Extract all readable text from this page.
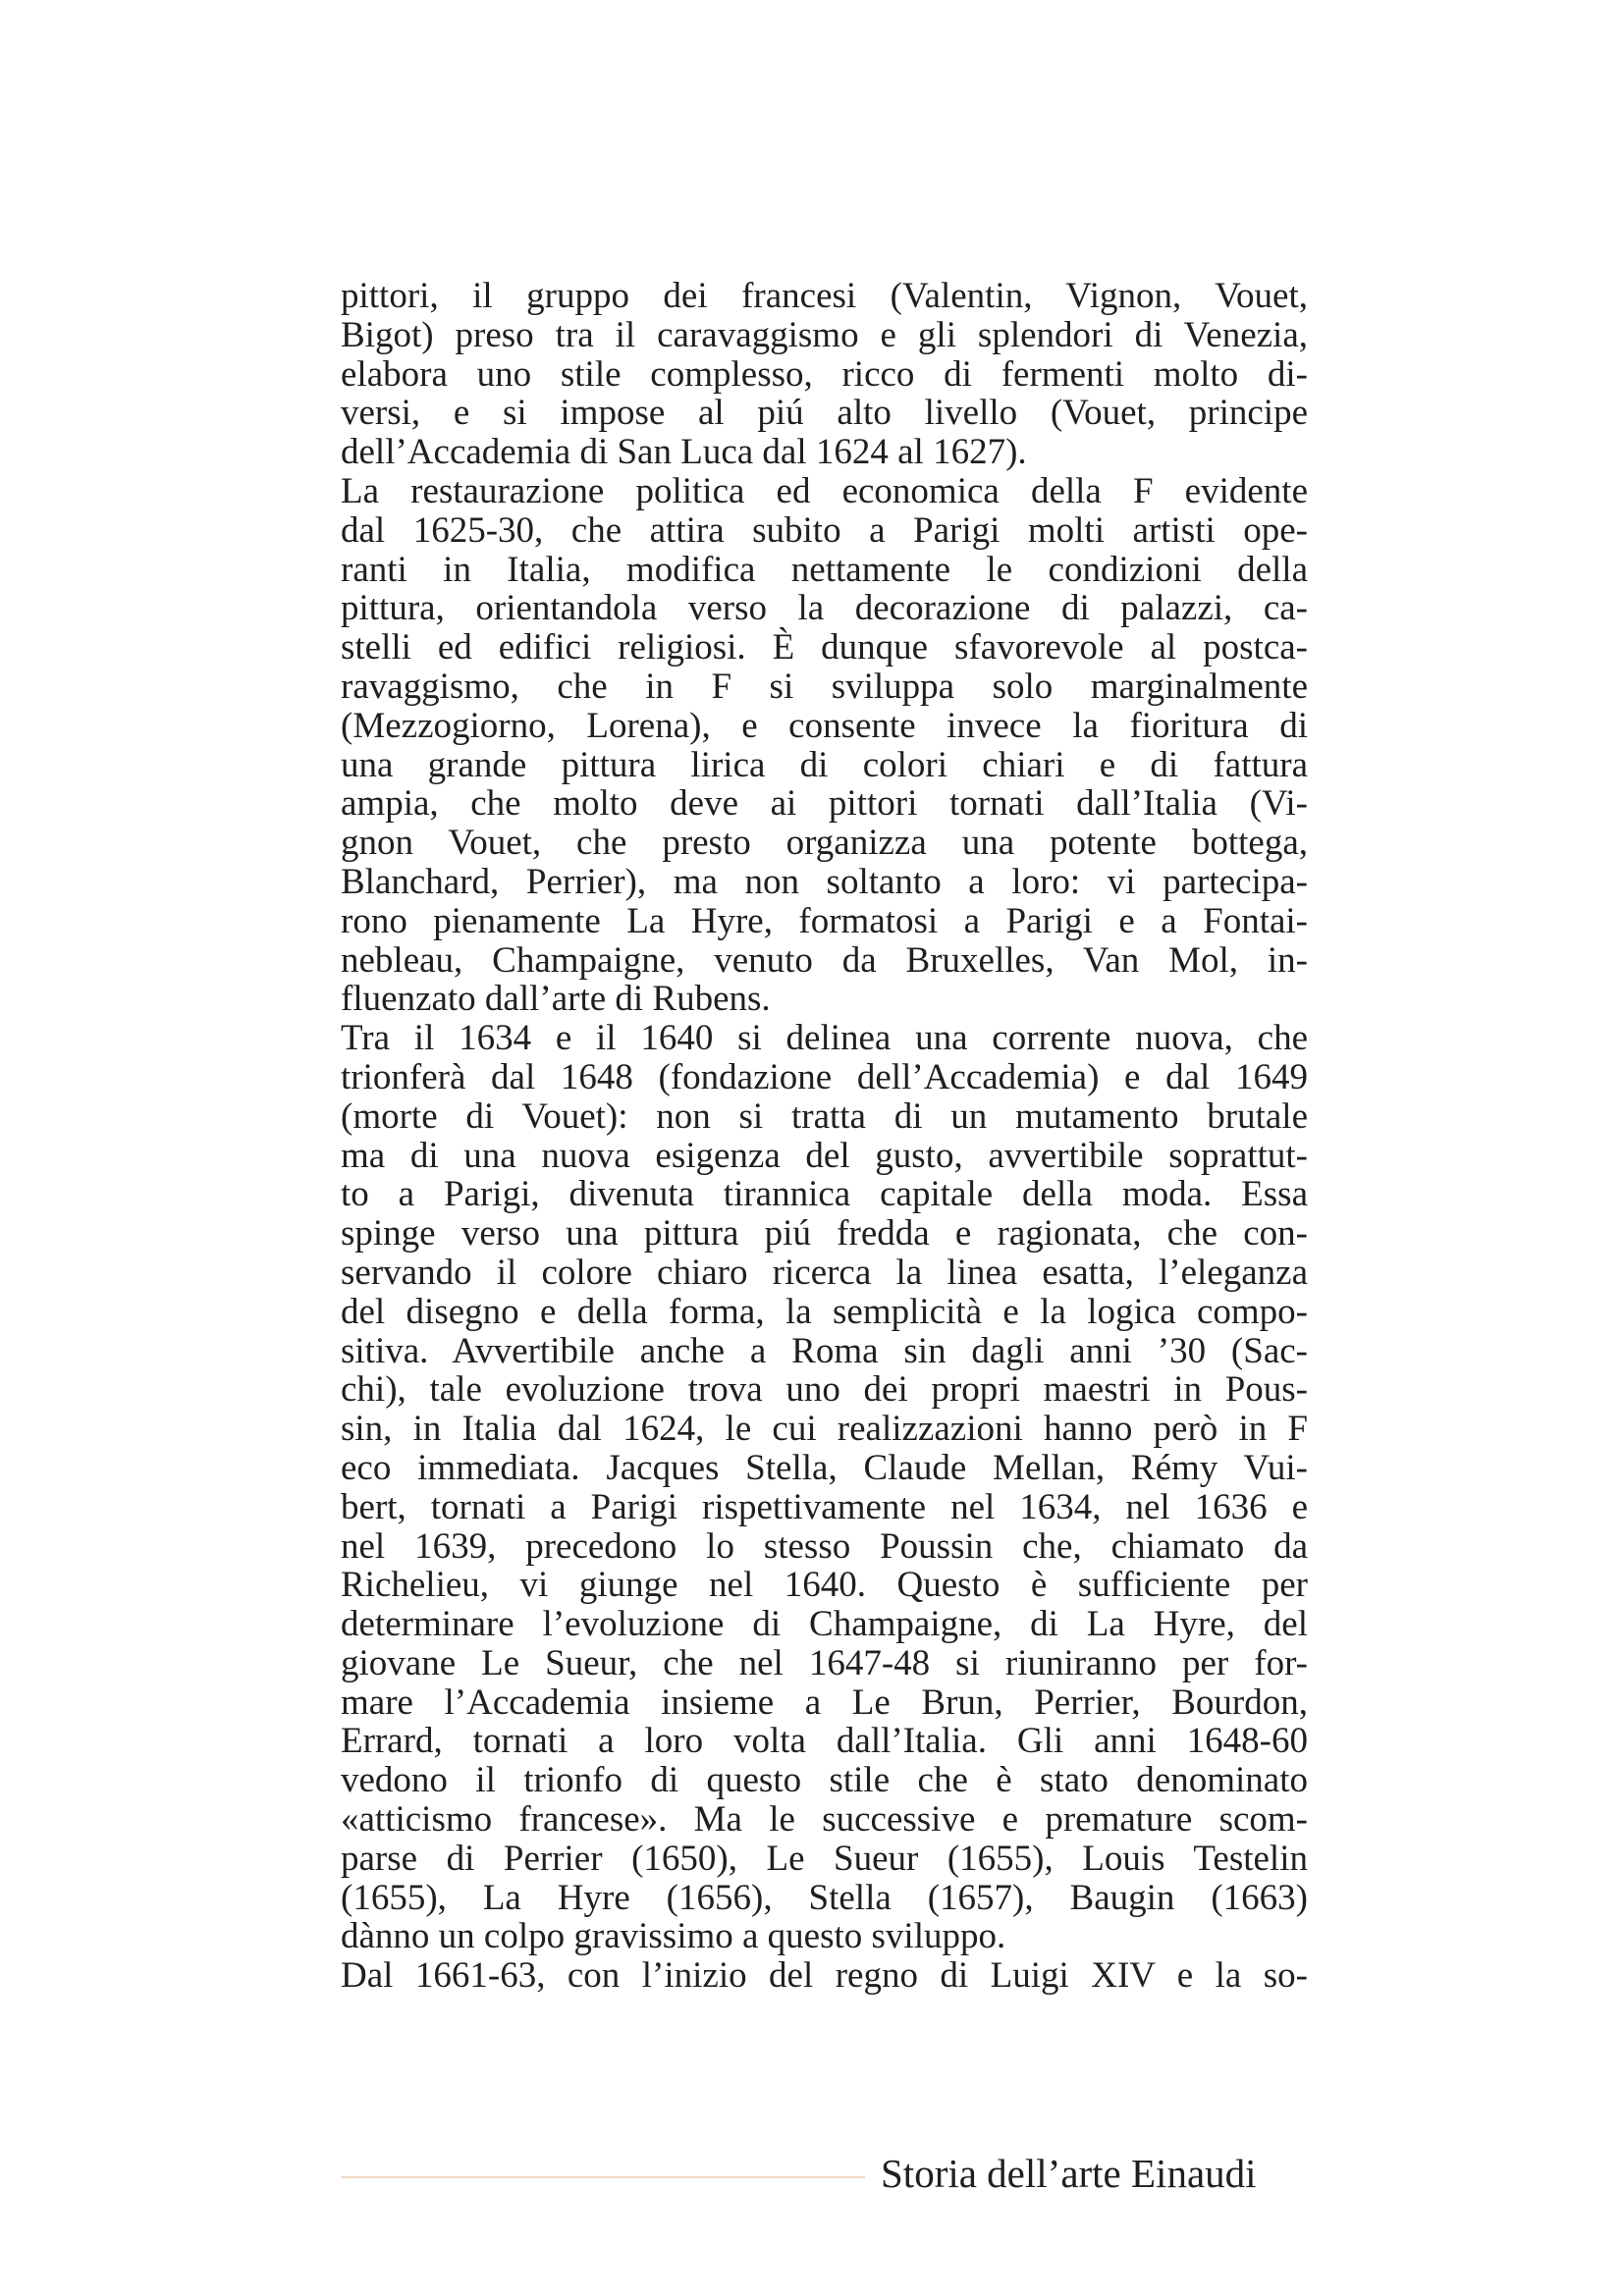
pittori, il gruppo dei francesi (Valentin, Vignon, Vouet,
Bigot) preso tra il caravaggismo e gli splendori di Venezia,
elabora uno stile complesso, ricco di fermenti molto di-
versi, e si impose al piú alto livello (Vouet, principe
dell’Accademia di San Luca dal 1624 al 1627).
La restaurazione politica ed economica della F evidente
dal 1625-30, che attira subito a Parigi molti artisti ope-
ranti in Italia, modifica nettamente le condizioni della
pittura, orientandola verso la decorazione di palazzi, ca-
stelli ed edifici religiosi. È dunque sfavorevole al postca-
ravaggismo, che in F si sviluppa solo marginalmente
(Mezzogiorno, Lorena), e consente invece la fioritura di
una grande pittura lirica di colori chiari e di fattura
ampia, che molto deve ai pittori tornati dall’Italia (Vi-
gnon Vouet, che presto organizza una potente bottega,
Blanchard, Perrier), ma non soltanto a loro: vi partecipa-
rono pienamente La Hyre, formatosi a Parigi e a Fontai-
nebleau, Champaigne, venuto da Bruxelles, Van Mol, in-
fluenzato dall’arte di Rubens.
Tra il 1634 e il 1640 si delinea una corrente nuova, che
trionferà dal 1648 (fondazione dell’Accademia) e dal 1649
(morte di Vouet): non si tratta di un mutamento brutale
ma di una nuova esigenza del gusto, avvertibile soprattut-
to a Parigi, divenuta tirannica capitale della moda. Essa
spinge verso una pittura piú fredda e ragionata, che con-
servando il colore chiaro ricerca la linea esatta, l’eleganza
del disegno e della forma, la semplicità e la logica compo-
sitiva. Avvertibile anche a Roma sin dagli anni ’30 (Sac-
chi), tale evoluzione trova uno dei propri maestri in Pous-
sin, in Italia dal 1624, le cui realizzazioni hanno però in F
eco immediata. Jacques Stella, Claude Mellan, Rémy Vui-
bert, tornati a Parigi rispettivamente nel 1634, nel 1636 e
nel 1639, precedono lo stesso Poussin che, chiamato da
Richelieu, vi giunge nel 1640. Questo è sufficiente per
determinare l’evoluzione di Champaigne, di La Hyre, del
giovane Le Sueur, che nel 1647-48 si riuniranno per for-
mare l’Accademia insieme a Le Brun, Perrier, Bourdon,
Errard, tornati a loro volta dall’Italia. Gli anni 1648-60
vedono il trionfo di questo stile che è stato denominato
«atticismo francese». Ma le successive e premature scom-
parse di Perrier (1650), Le Sueur (1655), Louis Testelin
(1655), La Hyre (1656), Stella (1657), Baugin (1663)
dànno un colpo gravissimo a questo sviluppo.
Dal 1661-63, con l’inizio del regno di Luigi XIV e la so-
Storia dell’arte Einaudi
